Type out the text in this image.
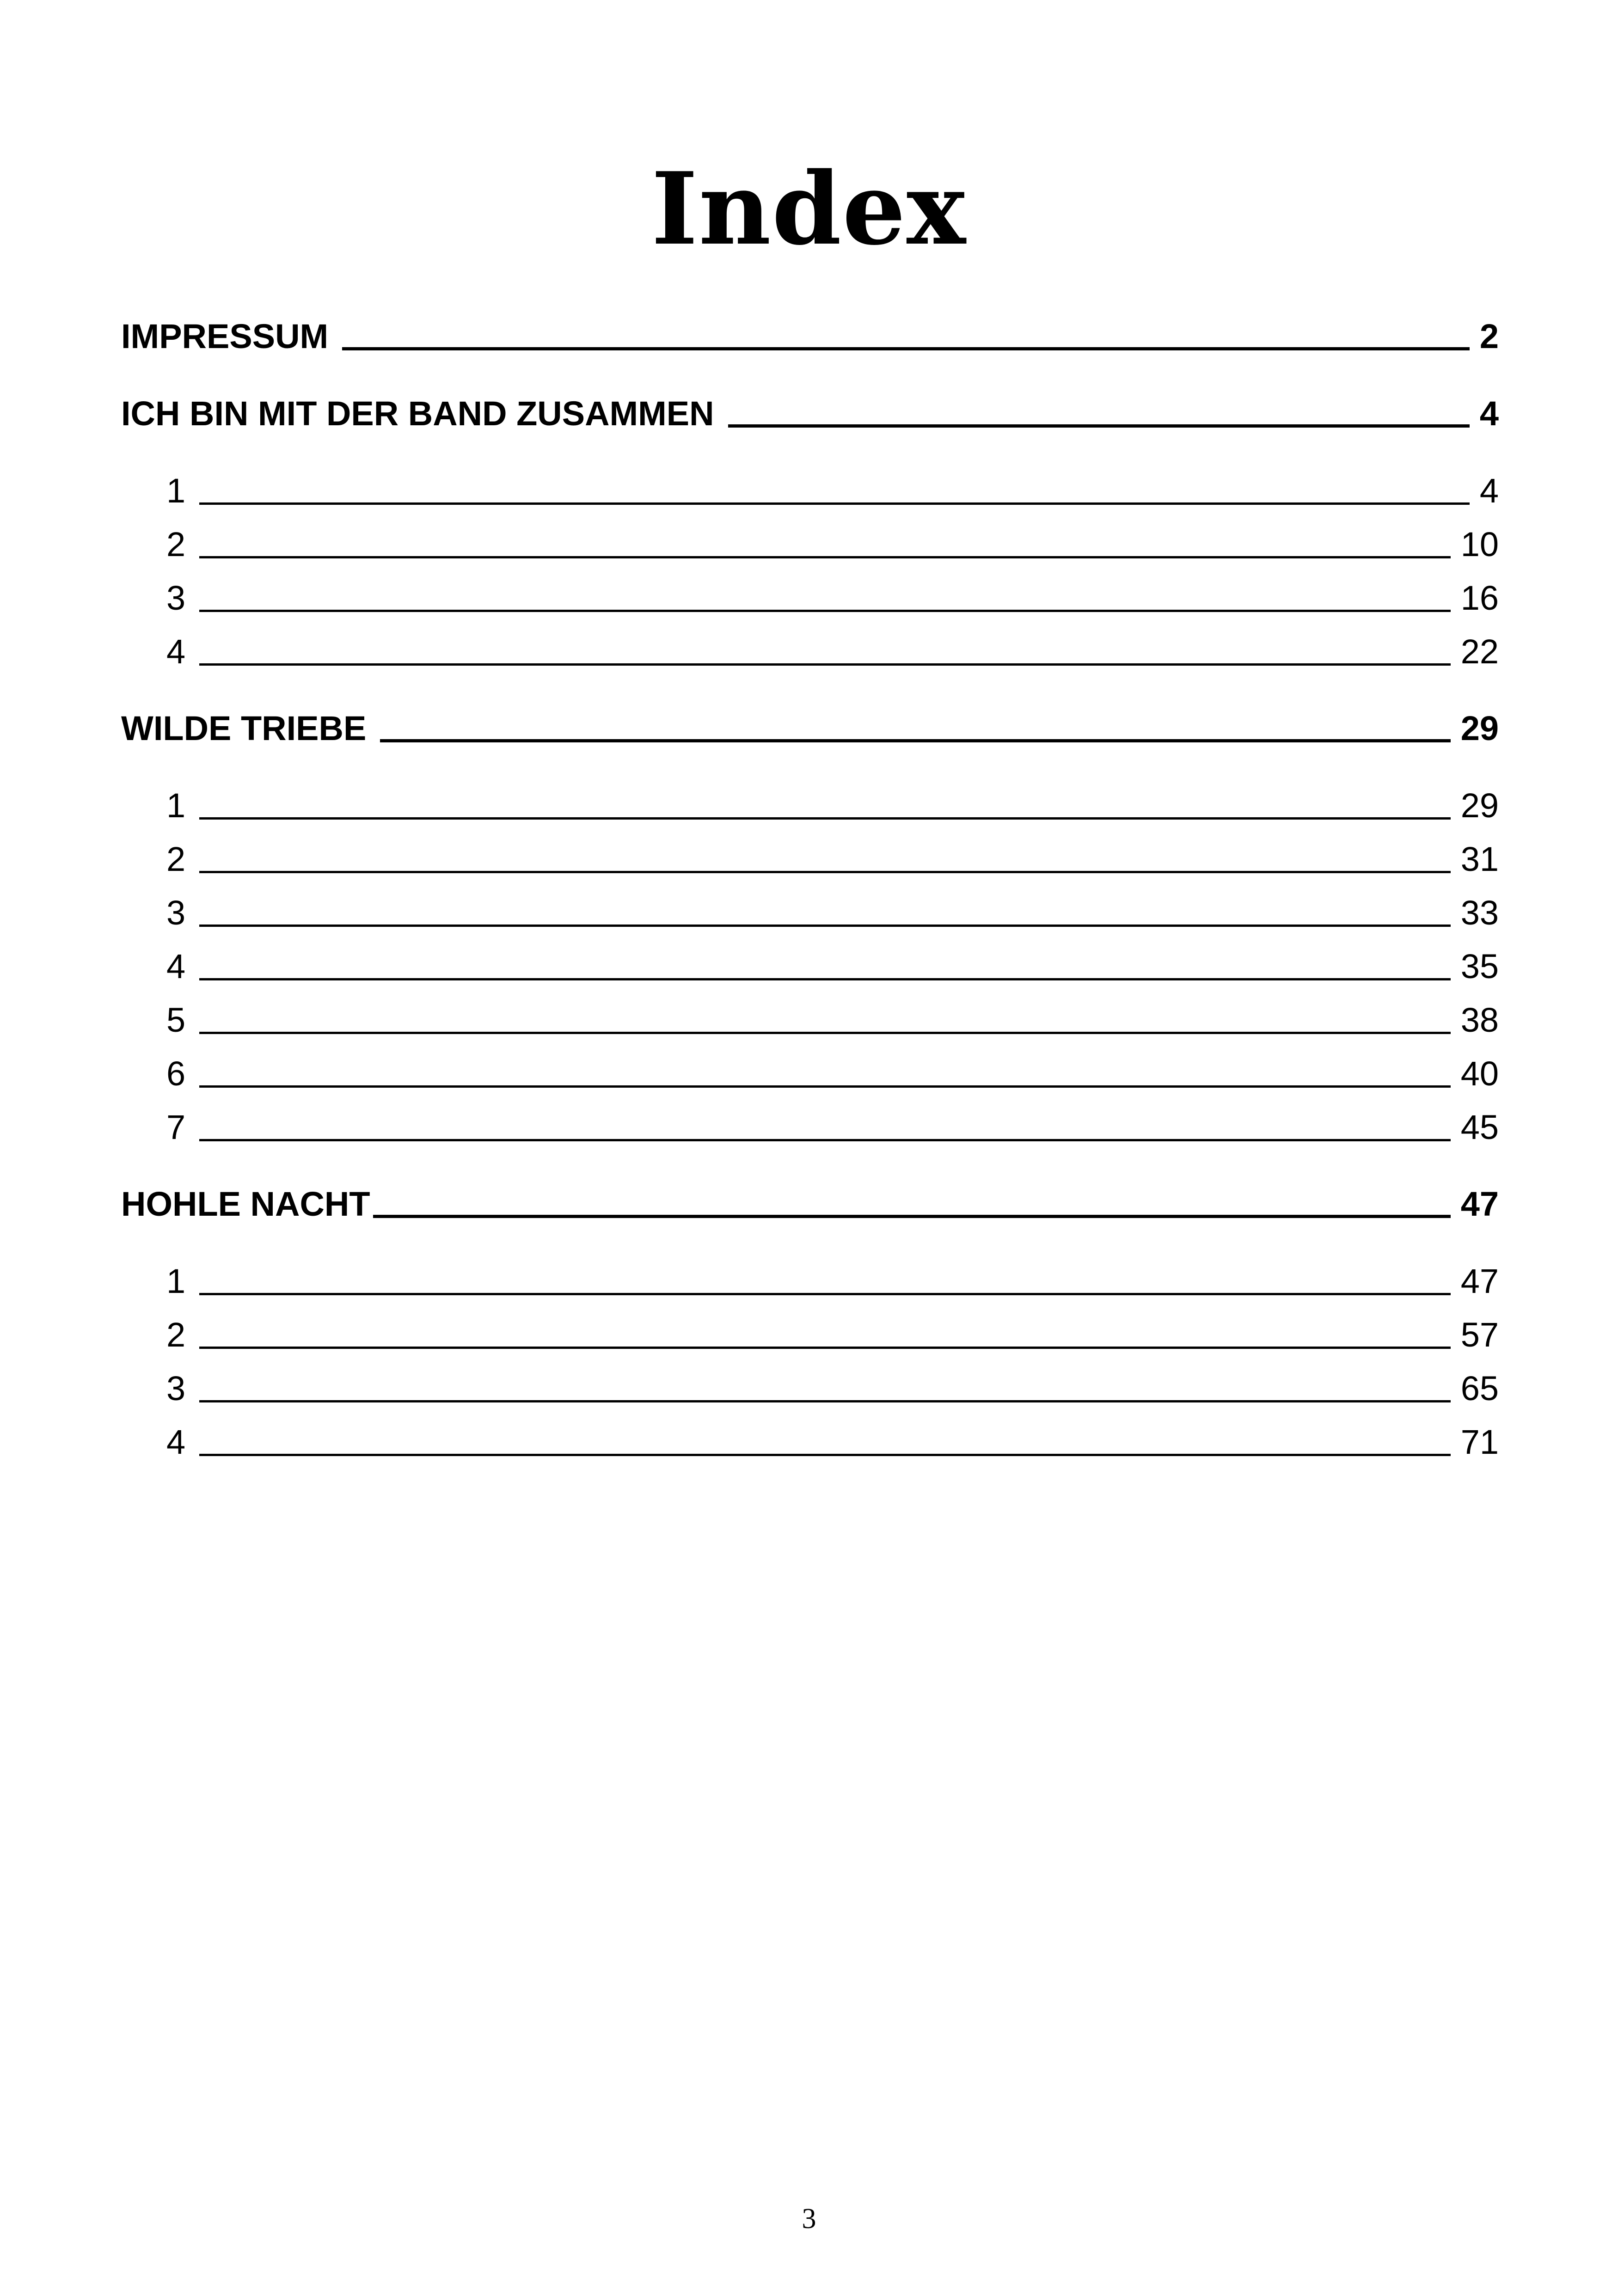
Index
IMPRESSUM	2
ICH BIN MIT DER BAND ZUSAMMEN	4
1	4
2	10
3	16
4	22
WILDE TRIEBE	29
1	29
2	31
3	33
4	35
5	38
6	40
7	45
HOHLE NACHT	47
1	47
2	57
3	65
4	71
3
